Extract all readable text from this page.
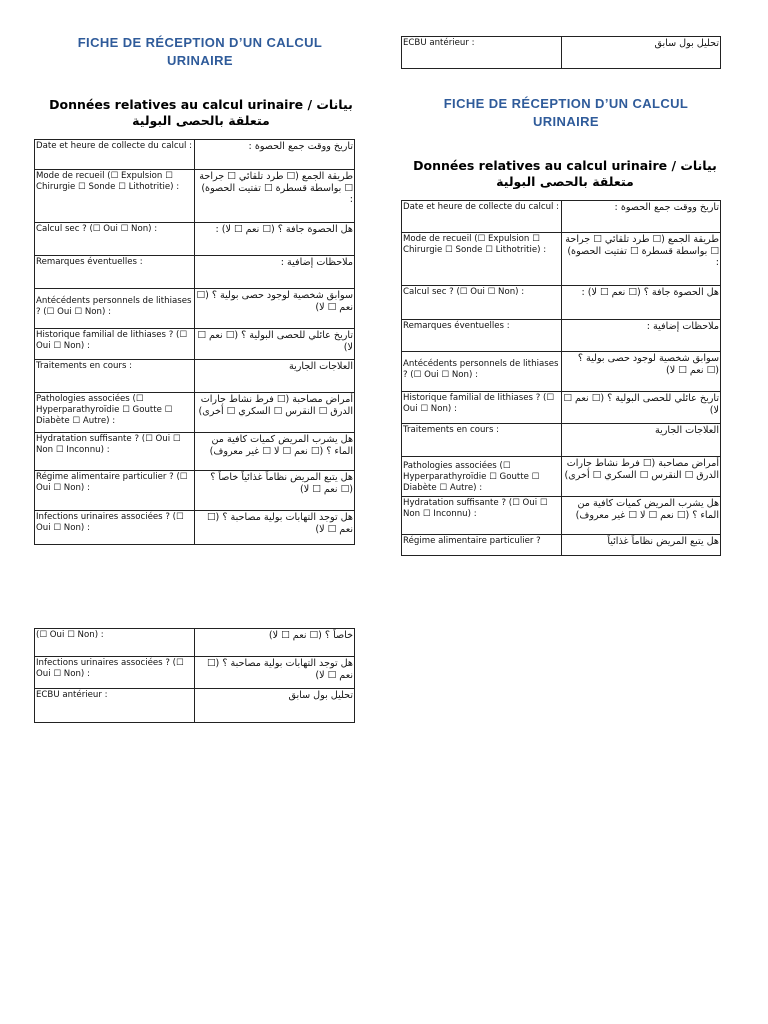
FICHE DE RÉCEPTION D’UN CALCUL URINAIRE
Données relatives au calcul urinaire / بيانات متعلقة بالحصى البولية
Date et heure de collecte du calcul :	تاريخ ووقت جمع الحصوة :
Mode de recueil (☐ Expulsion ☐ Chirurgie ☐ Sonde ☐ Lithotritie) :	طريقة الجمع (☐ طرد تلقائي ☐ جراحة ☐ بواسطة قسطرة ☐ تفتيت الحصوة) :
Calcul sec ? (☐ Oui ☐ Non) :	هل الحصوة جافة ؟ (☐ نعم ☐ لا) :
Remarques éventuelles :	ملاحظات إضافية :
Antécédents personnels de lithiases ? (☐ Oui ☐ Non) :	سوابق شخصية لوجود حصى بولية ؟ (☐ نعم ☐ لا)
Historique familial de lithiases ? (☐ Oui ☐ Non) :	تاريخ عائلي للحصى البولية ؟ (☐ نعم ☐ لا)
Traitements en cours :	العلاجات الجارية
Pathologies associées (☐ Hyperparathyroïdie ☐ Goutte ☐ Diabète ☐ Autre) :	أمراض مصاحبة (☐ فرط نشاط جارات الدرق ☐ النقرس ☐ السكري ☐ أخرى)
Hydratation suffisante ? (☐ Oui ☐ Non ☐ Inconnu) :	هل يشرب المريض كميات كافية من الماء ؟ (☐ نعم ☐ لا ☐ غير معروف)
Régime alimentaire particulier ? (☐ Oui ☐ Non) :	هل يتبع المريض نظاماً غذائياً خاصاً ؟ (☐ نعم ☐ لا)
Infections urinaires associées ? (☐ Oui ☐ Non) :	هل توجد التهابات بولية مصاحبة ؟ (☐ نعم ☐ لا)
(☐ Oui ☐ Non) :	خاصاً ؟ (☐ نعم ☐ لا)
Infections urinaires associées ? (☐ Oui ☐ Non) :	هل توجد التهابات بولية مصاحبة ؟ (☐ نعم ☐ لا)
ECBU antérieur :	تحليل بول سابق
ECBU antérieur :	تحليل بول سابق
FICHE DE RÉCEPTION D’UN CALCUL URINAIRE
Données relatives au calcul urinaire / بيانات متعلقة بالحصى البولية
Date et heure de collecte du calcul :	تاريخ ووقت جمع الحصوة :
Mode de recueil (☐ Expulsion ☐ Chirurgie ☐ Sonde ☐ Lithotritie) :	طريقة الجمع (☐ طرد تلقائي ☐ جراحة ☐ بواسطة قسطرة ☐ تفتيت الحصوة) :
Calcul sec ? (☐ Oui ☐ Non) :	هل الحصوة جافة ؟ (☐ نعم ☐ لا) :
Remarques éventuelles :	ملاحظات إضافية :
Antécédents personnels de lithiases ? (☐ Oui ☐ Non) :	سوابق شخصية لوجود حصى بولية ؟ (☐ نعم ☐ لا)
Historique familial de lithiases ? (☐ Oui ☐ Non) :	تاريخ عائلي للحصى البولية ؟ (☐ نعم ☐ لا)
Traitements en cours :	العلاجات الجارية
Pathologies associées (☐ Hyperparathyroïdie ☐ Goutte ☐ Diabète ☐ Autre) :	أمراض مصاحبة (☐ فرط نشاط جارات الدرق ☐ النقرس ☐ السكري ☐ أخرى)
Hydratation suffisante ? (☐ Oui ☐ Non ☐ Inconnu) :	هل يشرب المريض كميات كافية من الماء ؟ (☐ نعم ☐ لا ☐ غير معروف)
Régime alimentaire particulier ?	هل يتبع المريض نظاماً غذائياً
